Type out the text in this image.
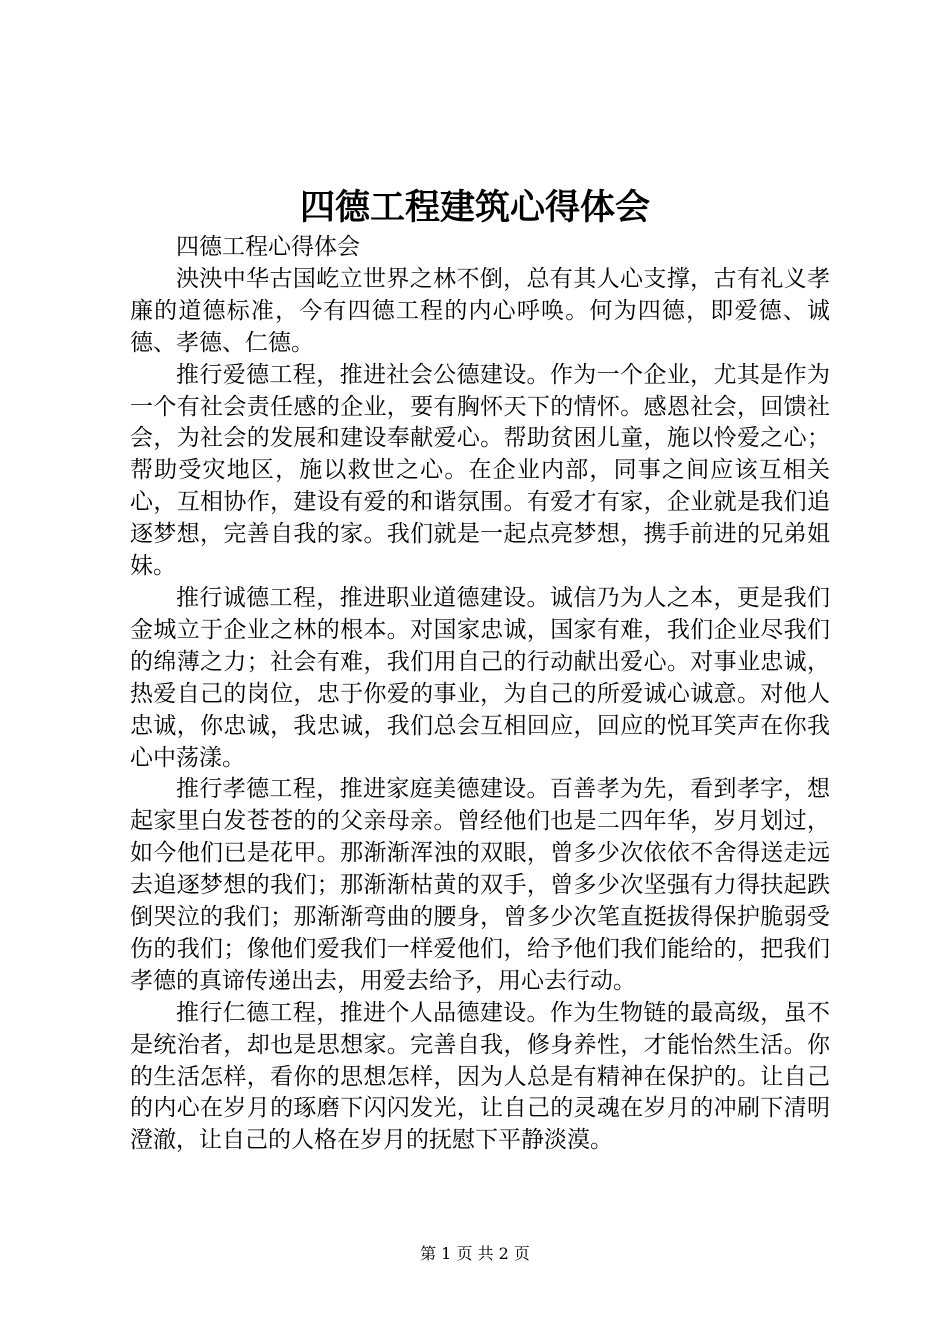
四德工程建筑心得体会

四德工程心得体会

泱泱中华古国屹立世界之林不倒，总有其人心支撑，古有礼义孝廉的道德标准，今有四德工程的内心呼唤。何为四德，即爱德、诚德、孝德、仁德。

推行爱德工程，推进社会公德建设。作为一个企业，尤其是作为一个有社会责任感的企业，要有胸怀天下的情怀。感恩社会，回馈社会，为社会的发展和建设奉献爱心。帮助贫困儿童，施以怜爱之心；帮助受灾地区，施以救世之心。在企业内部，同事之间应该互相关心，互相协作，建设有爱的和谐氛围。有爱才有家，企业就是我们追逐梦想，完善自我的家。我们就是一起点亮梦想，携手前进的兄弟姐妹。

推行诚德工程，推进职业道德建设。诚信乃为人之本，更是我们金城立于企业之林的根本。对国家忠诚，国家有难，我们企业尽我们的绵薄之力；社会有难，我们用自己的行动献出爱心。对事业忠诚，热爱自己的岗位，忠于你爱的事业，为自己的所爱诚心诚意。对他人忠诚，你忠诚，我忠诚，我们总会互相回应，回应的悦耳笑声在你我心中荡漾。

推行孝德工程，推进家庭美德建设。百善孝为先，看到孝字，想起家里白发苍苍的的父亲母亲。曾经他们也是二四年华，岁月划过，如今他们已是花甲。那渐渐浑浊的双眼，曾多少次依依不舍得送走远去追逐梦想的我们；那渐渐枯黄的双手，曾多少次坚强有力得扶起跌倒哭泣的我们；那渐渐弯曲的腰身，曾多少次笔直挺拔得保护脆弱受伤的我们；像他们爱我们一样爱他们，给予他们我们能给的，把我们孝德的真谛传递出去，用爱去给予，用心去行动。

推行仁德工程，推进个人品德建设。作为生物链的最高级，虽不是统治者，却也是思想家。完善自我，修身养性，才能怡然生活。你的生活怎样，看你的思想怎样，因为人总是有精神在保护的。让自己的内心在岁月的琢磨下闪闪发光，让自己的灵魂在岁月的冲刷下清明澄澈，让自己的人格在岁月的抚慰下平静淡漠。

第 1 页 共 2 页
